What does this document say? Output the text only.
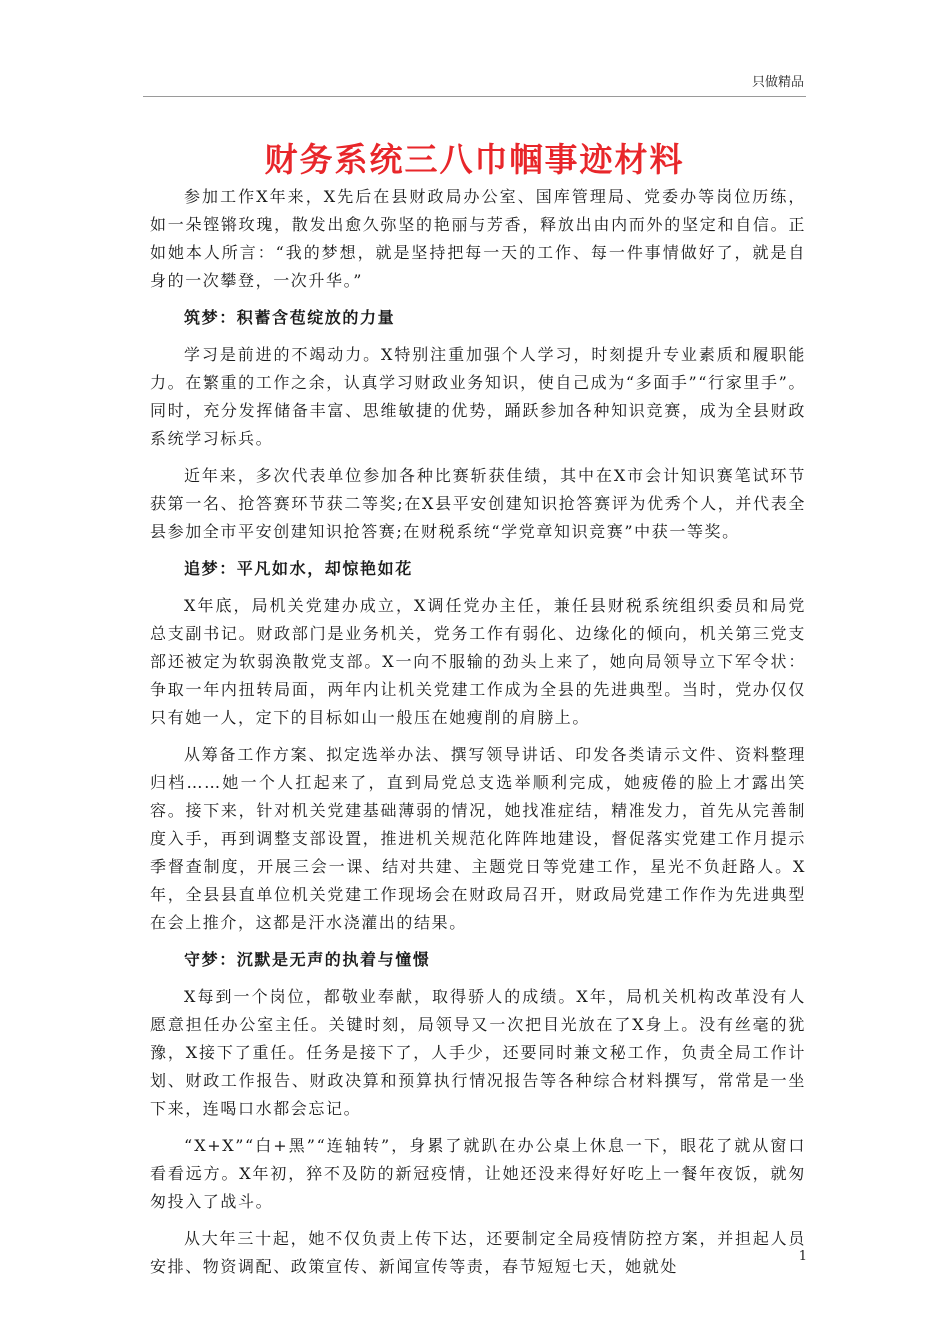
只做精品
财务系统三八巾帼事迹材料

参加工作X年来，X先后在县财政局办公室、国库管理局、党委办等岗位历练，如一朵铿锵玫瑰，散发出愈久弥坚的艳丽与芳香，释放出由内而外的坚定和自信。正如她本人所言：“我的梦想，就是坚持把每一天的工作、每一件事情做好了，就是自身的一次攀登，一次升华。”

筑梦：积蓄含苞绽放的力量

学习是前进的不竭动力。X特别注重加强个人学习，时刻提升专业素质和履职能力。在繁重的工作之余，认真学习财政业务知识，使自己成为“多面手”“行家里手”。同时，充分发挥储备丰富、思维敏捷的优势，踊跃参加各种知识竞赛，成为全县财政系统学习标兵。

近年来，多次代表单位参加各种比赛斩获佳绩，其中在X市会计知识赛笔试环节获第一名、抢答赛环节获二等奖;在X县平安创建知识抢答赛评为优秀个人，并代表全县参加全市平安创建知识抢答赛;在财税系统“学党章知识竞赛”中获一等奖。

追梦：平凡如水，却惊艳如花

X年底，局机关党建办成立，X调任党办主任，兼任县财税系统组织委员和局党总支副书记。财政部门是业务机关，党务工作有弱化、边缘化的倾向，机关第三党支部还被定为软弱涣散党支部。X一向不服输的劲头上来了，她向局领导立下军令状：争取一年内扭转局面，两年内让机关党建工作成为全县的先进典型。当时，党办仅仅只有她一人，定下的目标如山一般压在她瘦削的肩膀上。

从筹备工作方案、拟定选举办法、撰写领导讲话、印发各类请示文件、资料整理归档……她一个人扛起来了，直到局党总支选举顺利完成，她疲倦的脸上才露出笑容。接下来，针对机关党建基础薄弱的情况，她找准症结，精准发力，首先从完善制度入手，再到调整支部设置，推进机关规范化阵阵地建设，督促落实党建工作月提示季督查制度，开展三会一课、结对共建、主题党日等党建工作，星光不负赶路人。X年，全县县直单位机关党建工作现场会在财政局召开，财政局党建工作作为先进典型在会上推介，这都是汗水浇灌出的结果。

守梦：沉默是无声的执着与憧憬

X每到一个岗位，都敬业奉献，取得骄人的成绩。X年，局机关机构改革没有人愿意担任办公室主任。关键时刻，局领导又一次把目光放在了X身上。没有丝毫的犹豫，X接下了重任。任务是接下了，人手少，还要同时兼文秘工作，负责全局工作计划、财政工作报告、财政决算和预算执行情况报告等各种综合材料撰写，常常是一坐下来，连喝口水都会忘记。

“X+X”“白+黑”“连轴转”，身累了就趴在办公桌上休息一下，眼花了就从窗口看看远方。X年初，猝不及防的新冠疫情，让她还没来得好好吃上一餐年夜饭，就匆匆投入了战斗。

从大年三十起，她不仅负责上传下达，还要制定全局疫情防控方案，并担起人员安排、物资调配、政策宣传、新闻宣传等责，春节短短七天，她就处

1
